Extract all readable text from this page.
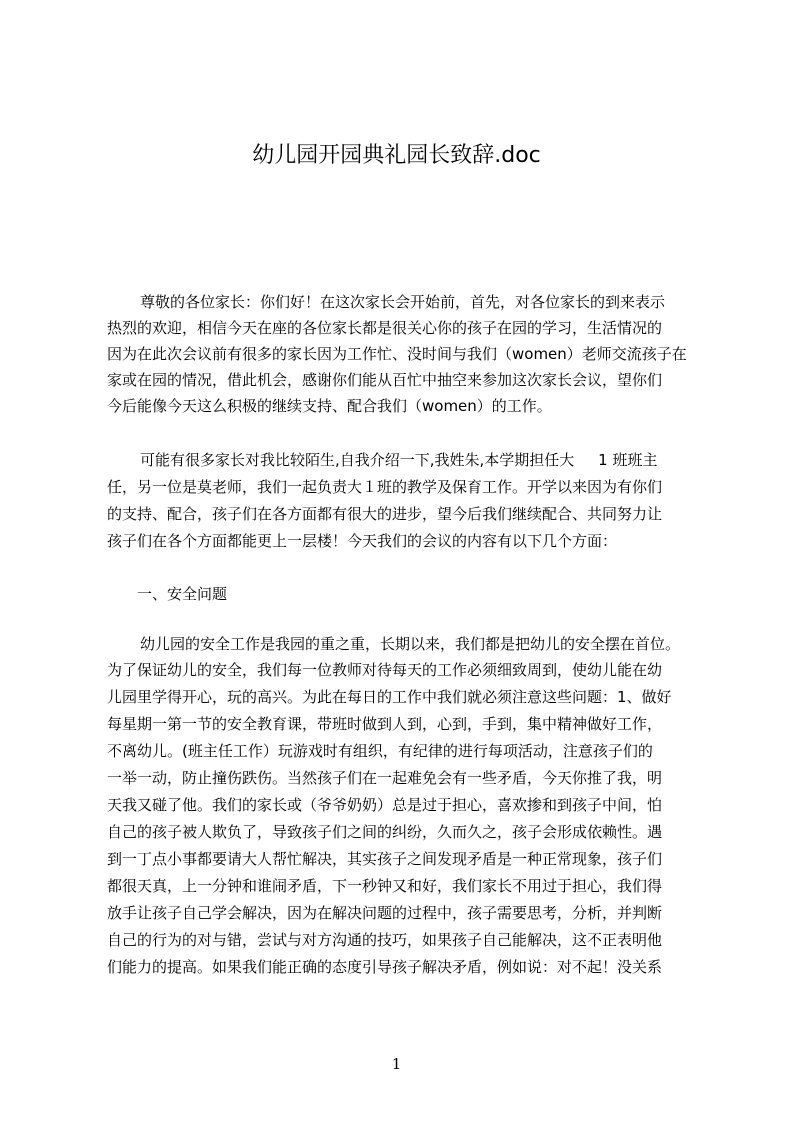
幼儿园开园典礼园长致辞.doc
尊敬的各位家长：你们好！在这次家长会开始前，首先，对各位家长的到来表示
热烈的欢迎，相信今天在座的各位家长都是很关心你的孩子在园的学习，生活情况的
因为在此次会议前有很多的家长因为工作忙、没时间与我们（women）老师交流孩子在
家或在园的情况，借此机会，感谢你们能从百忙中抽空来参加这次家长会议，望你们
今后能像今天这么积极的继续支持、配合我们（women）的工作。
可能有很多家长对我比较陌生,自我介绍一下,我姓朱,本学期担任大     1 班班主
任，另一位是莫老师，我们一起负责大１班的教学及保育工作。开学以来因为有你们
的支持、配合，孩子们在各方面都有很大的进步，望今后我们继续配合、共同努力让
孩子们在各个方面都能更上一层楼！今天我们的会议的内容有以下几个方面：
一、安全问题
幼儿园的安全工作是我园的重之重，长期以来，我们都是把幼儿的安全摆在首位。
为了保证幼儿的安全，我们每一位教师对待每天的工作必须细致周到，使幼儿能在幼
儿园里学得开心，玩的高兴。为此在每日的工作中我们就必须注意这些问题：1、做好
每星期一第一节的安全教育课，带班时做到人到，心到，手到，集中精神做好工作，
不离幼儿。(班主任工作）玩游戏时有组织，有纪律的进行每项活动，注意孩子们的
一举一动，防止撞伤跌伤。当然孩子们在一起难免会有一些矛盾，今天你推了我，明
天我又碰了他。我们的家长或（爷爷奶奶）总是过于担心，喜欢掺和到孩子中间，怕
自己的孩子被人欺负了，导致孩子们之间的纠纷，久而久之，孩子会形成依赖性。遇
到一丁点小事都要请大人帮忙解决，其实孩子之间发现矛盾是一种正常现象，孩子们
都很天真，上一分钟和谁闹矛盾，下一秒钟又和好，我们家长不用过于担心，我们得
放手让孩子自己学会解决，因为在解决问题的过程中，孩子需要思考，分析，并判断
自己的行为的对与错，尝试与对方沟通的技巧，如果孩子自己能解决，这不正表明他
们能力的提高。如果我们能正确的态度引导孩子解决矛盾，例如说：对不起！没关系
1
